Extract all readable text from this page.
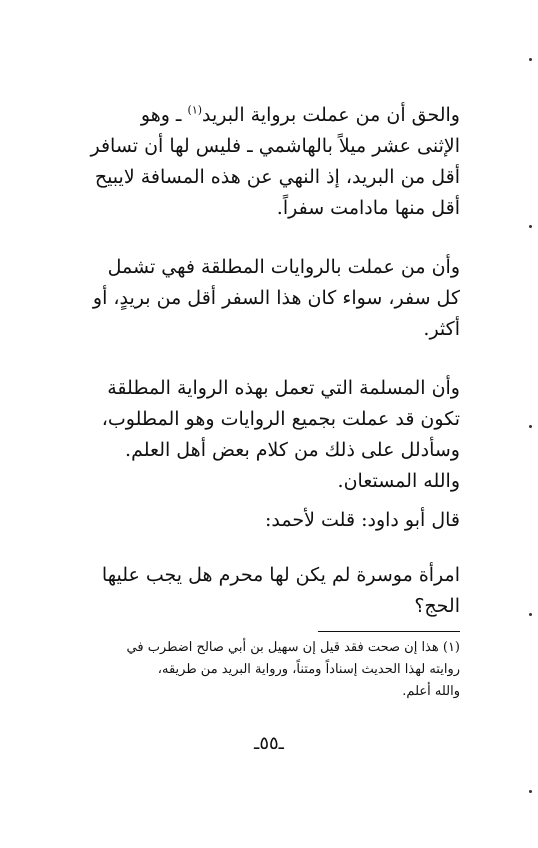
والحق أن من عملت برواية البريد$^{(١)}$ ـ وهو
الإثنى عشر ميلاً بالهاشمي ـ فليس لها أن تسافر
أقل من البريد، إذ النهي عن هذه المسافة لايبيح
أقل منها مادامت سفراً.

وأن من عملت بالروايات المطلقة فهي تشمل
كل سفر، سواء كان هذا السفر أقل من بريدٍ، أو
أكثر.

وأن المسلمة التي تعمل بهذه الرواية المطلقة
تكون قد عملت بجميع الروايات وهو المطلوب،
وسأدلل على ذلك من كلام بعض أهل العلم.
والله المستعان.

قال أبو داود: قلت لأحمد:

امرأة موسرة لم يكن لها محرم هل يجب عليها
الحج؟

(١) هذا إن صحت فقد قيل إن سهيل بن أبي صالح اضطرب في
روايته لهذا الحديث إسناداً ومتناً، ورواية البريد من طريقه،
والله أعلم.

ـ٥٥ـ
